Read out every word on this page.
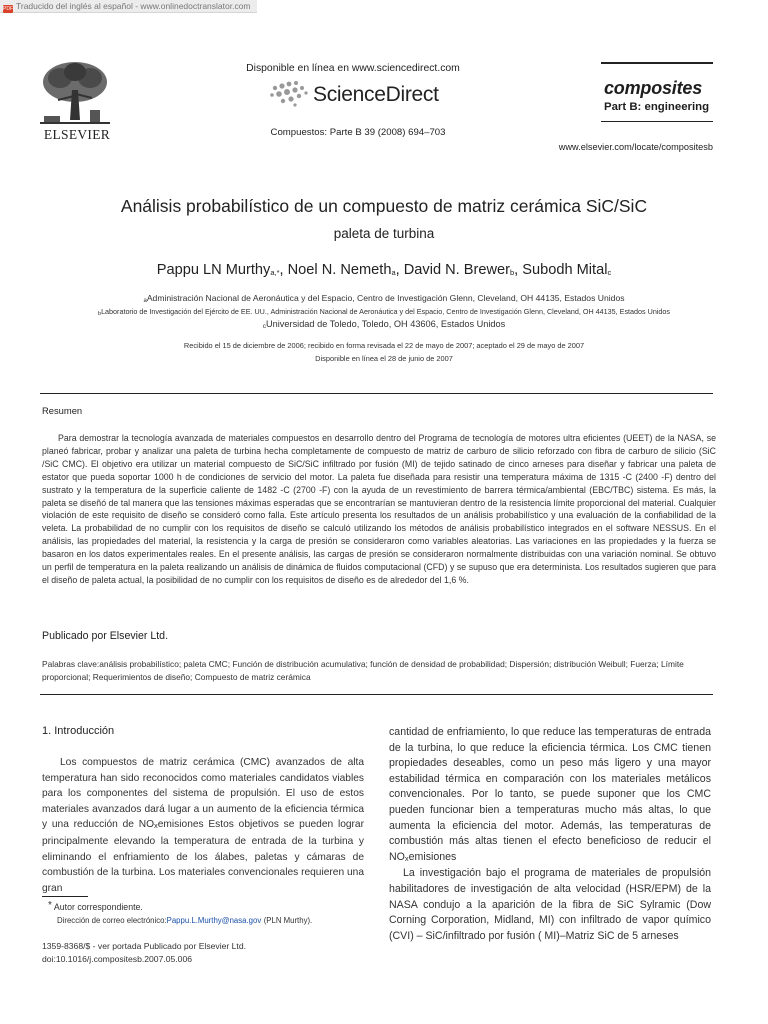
PDF Traducido del inglés al español - www.onlinedoctranslator.com
ELSEVIER
Disponible en línea en www.sciencedirect.com
ScienceDirect
Compuestos: Parte B 39 (2008) 694–703
composites
Part B: engineering
www.elsevier.com/locate/compositesb
Análisis probabilístico de un compuesto de matriz cerámica SiC/SiC
paleta de turbina
Pappu LN Murthy$_{a,*}$, Noel N. Nemeth$_a$, David N. Brewer$_b$, Subodh Mital$_c$
$_a$Administración Nacional de Aeronáutica y del Espacio, Centro de Investigación Glenn, Cleveland, OH 44135, Estados Unidos
$_b$Laboratorio de Investigación del Ejército de EE. UU., Administración Nacional de Aeronáutica y del Espacio, Centro de Investigación Glenn, Cleveland, OH 44135, Estados Unidos
$_c$Universidad de Toledo, Toledo, OH 43606, Estados Unidos
Recibido el 15 de diciembre de 2006; recibido en forma revisada el 22 de mayo de 2007; aceptado el 29 de mayo de 2007
Disponible en línea el 28 de junio de 2007
Resumen

Para demostrar la tecnología avanzada de materiales compuestos en desarrollo dentro del Programa de tecnología de motores ultra eficientes (UEET) de la NASA, se planeó fabricar, probar y analizar una paleta de turbina hecha completamente de compuesto de matriz de carburo de silicio reforzado con fibra de carburo de silicio (SiC /SiC CMC). El objetivo era utilizar un material compuesto de SiC/SiC infiltrado por fusión (MI) de tejido satinado de cinco arneses para diseñar y fabricar una paleta de estator que pueda soportar 1000 h de condiciones de servicio del motor. La paleta fue diseñada para resistir una temperatura máxima de 1315 -C (2400 -F) dentro del sustrato y la temperatura de la superficie caliente de 1482 -C (2700 -F) con la ayuda de un revestimiento de barrera térmica/ambiental (EBC/TBC) sistema. Es más, la paleta se diseñó de tal manera que las tensiones máximas esperadas que se encontrarían se mantuvieran dentro de la resistencia límite proporcional del material. Cualquier violación de este requisito de diseño se consideró como falla. Este artículo presenta los resultados de un análisis probabilístico y una evaluación de la confiabilidad de la veleta. La probabilidad de no cumplir con los requisitos de diseño se calculó utilizando los métodos de análisis probabilístico integrados en el software NESSUS. En el análisis, las propiedades del material, la resistencia y la carga de presión se consideraron como variables aleatorias. Las variaciones en las propiedades y la fuerza se basaron en los datos experimentales reales. En el presente análisis, las cargas de presión se consideraron normalmente distribuidas con una variación nominal. Se obtuvo un perfil de temperatura en la paleta realizando un análisis de dinámica de fluidos computacional (CFD) y se supuso que era determinista. Los resultados sugieren que para el diseño de paleta actual, la posibilidad de no cumplir con los requisitos de diseño es de alrededor del 1,6 %.

Publicado por Elsevier Ltd.
Palabras clave:análisis probabilístico; paleta CMC; Función de distribución acumulativa; función de densidad de probabilidad; Dispersión; distribución Weibull; Fuerza; Límite proporcional; Requerimientos de diseño; Compuesto de matriz cerámica
1. Introducción
Los compuestos de matriz cerámica (CMC) avanzados de alta temperatura han sido reconocidos como materiales candidatos viables para los componentes del sistema de propulsión. El uso de estos materiales avanzados dará lugar a un aumento de la eficiencia térmica y una reducción de $NO_xemisiones$ Estos objetivos se pueden lograr principalmente elevando la temperatura de entrada de la turbina y eliminando el enfriamiento de los álabes, paletas y cámaras de combustión de la turbina. Los materiales convencionales requieren una gran
cantidad de enfriamiento, lo que reduce las temperaturas de entrada de la turbina, lo que reduce la eficiencia térmica. Los CMC tienen propiedades deseables, como un peso más ligero y una mayor estabilidad térmica en comparación con los materiales metálicos convencionales. Por lo tanto, se puede suponer que los CMC pueden funcionar bien a temperaturas mucho más altas, lo que aumenta la eficiencia del motor. Además, las temperaturas de combustión más altas tienen el efecto beneficioso de reducir el $NO_xemisiones$
La investigación bajo el programa de materiales de propulsión habilitadores de investigación de alta velocidad (HSR/EPM) de la NASA condujo a la aparición de la fibra de SiC Sylramic (Dow Corning Corporation, Midland, MI) con infiltrado de vapor químico (CVI) – SiC/infiltrado por fusión ( MI)–Matriz SiC de 5 arneses
* Autor correspondiente.
Dirección de correo electrónico:Pappu.L.Murthy@nasa.gov (PLN Murthy).
1359-8368/$ - ver portada Publicado por Elsevier Ltd.
doi:10.1016/j.compositesb.2007.05.006
